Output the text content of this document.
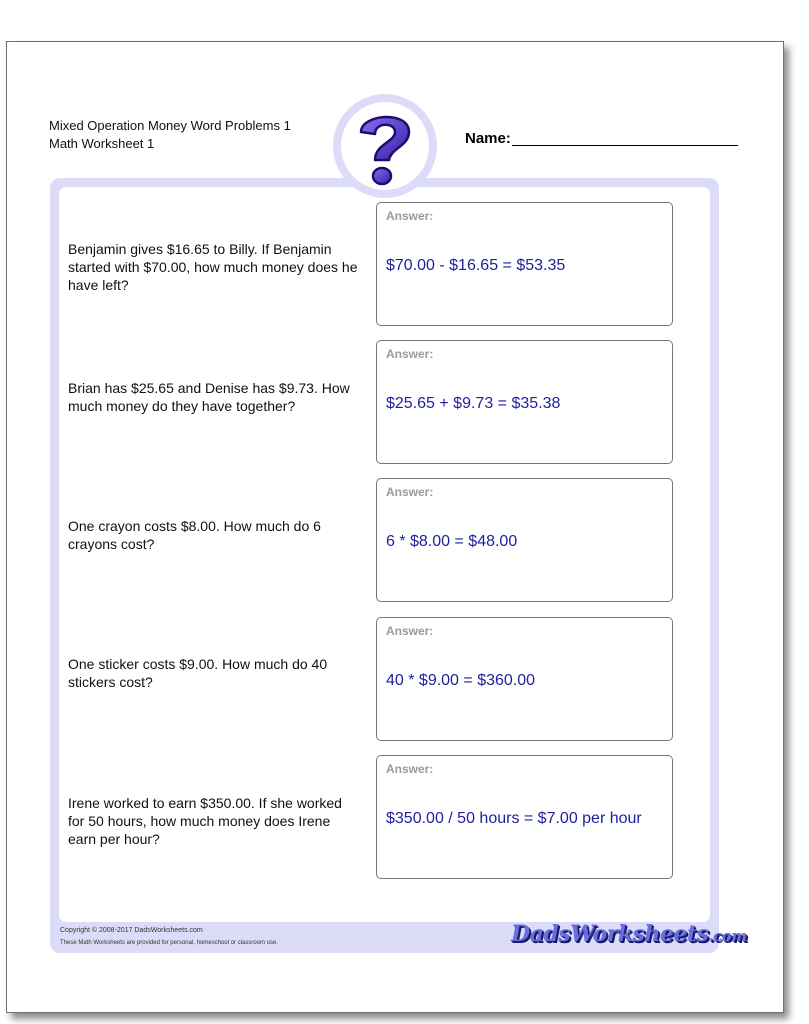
Mixed Operation Money Word Problems 1
Math Worksheet 1	Name:
Benjamin gives $16.65 to Billy. If Benjamin started with $70.00, how much money does he have left?
Answer:
$70.00 - $16.65 = $53.35
Brian has $25.65 and Denise has $9.73. How much money do they have together?
Answer:
$25.65 + $9.73 = $35.38
One crayon costs $8.00. How much do 6 crayons cost?
Answer:
6 * $8.00 = $48.00
One sticker costs $9.00. How much do 40 stickers cost?
Answer:
40 * $9.00 = $360.00
Irene worked to earn $350.00. If she worked for 50 hours, how much money does Irene earn per hour?
Answer:
$350.00 / 50 hours = $7.00 per hour
Copyright © 2008-2017 DadsWorksheets.com
These Math Worksheets are provided for personal, homeschool or classroom use.	DadsWorksheets.com
